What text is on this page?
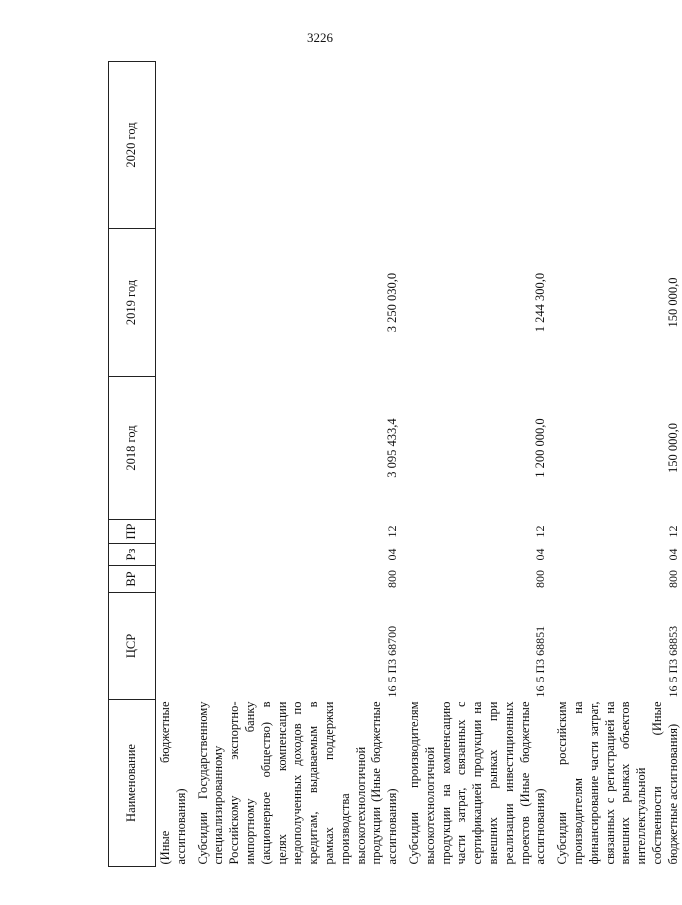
3226
Наименование	ЦСР	ВР	Рз	ПР	2018 год	2019 год	2020 год
(Иные бюджетные ассигнования)							

Субсидии Государственному специализированному Российскому экспортно-импортному банку (акционерное общество) в целях компенсации недополученных доходов по кредитам, выдаваемым в рамках поддержки производства высокотехнологичной продукции (Иные бюджетные ассигнования)	16 5 П3 68700	800	04	12	3 095 433,4	3 250 030,0	

Субсидии производителям высокотехнологичной продукции на компенсацию части затрат, связанных с сертификацией продукции на внешних рынках при реализации инвестиционных проектов (Иные бюджетные ассигнования)	16 5 П3 68851	800	04	12	1 200 000,0	1 244 300,0	

Субсидии российским производителям на финансирование части затрат, связанных с регистрацией на внешних рынках объектов интеллектуальной собственности (Иные бюджетные ассигнования)	16 5 П3 68853	800	04	12	150 000,0	150 000,0	
